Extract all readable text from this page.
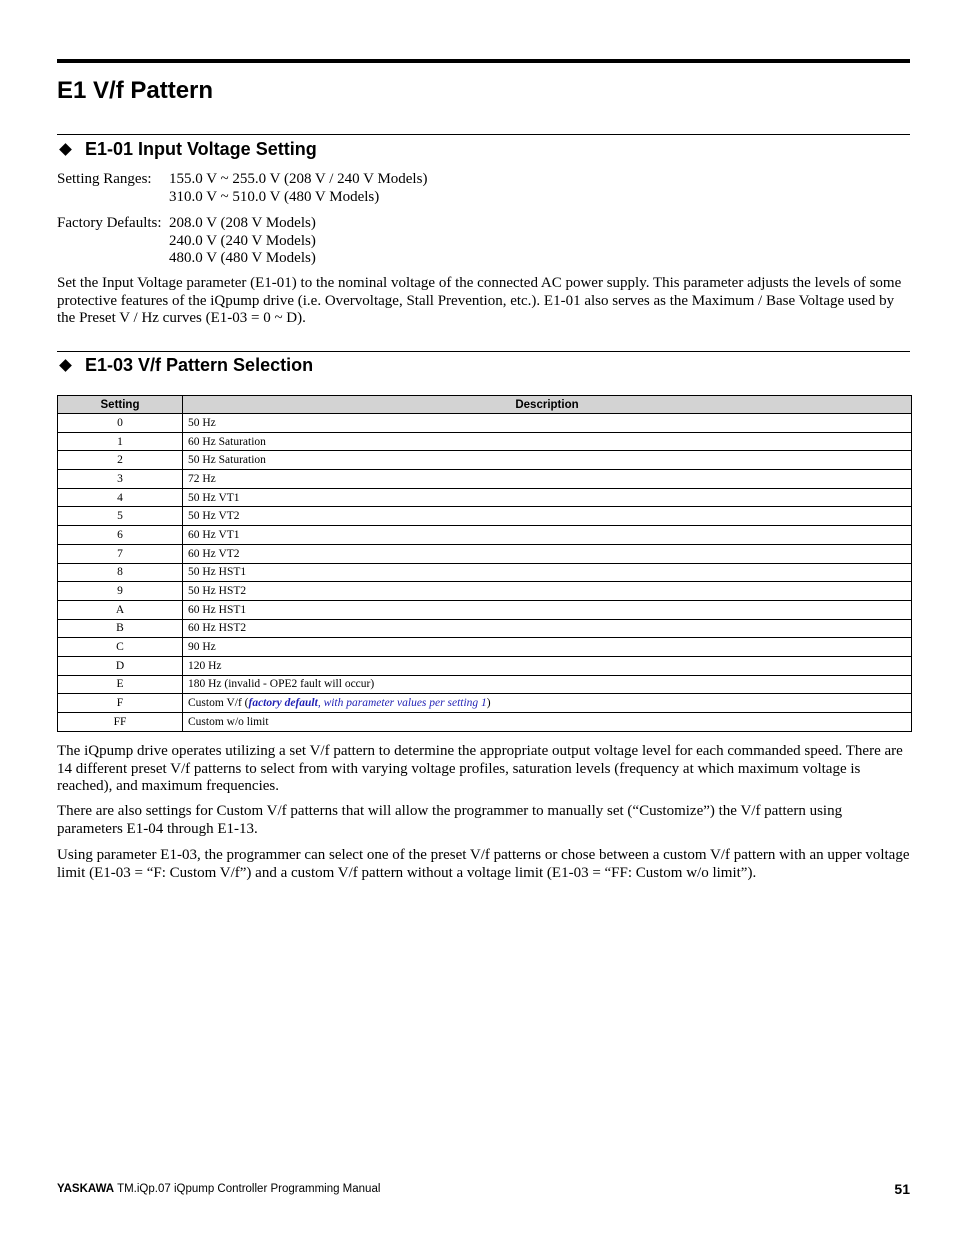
E1 V/f Pattern
E1-01 Input Voltage Setting
Setting Ranges: 155.0 V ~ 255.0 V (208 V / 240 V Models)
310.0 V ~ 510.0 V (480 V Models)
Factory Defaults: 208.0 V (208 V Models)
240.0 V (240 V Models)
480.0 V (480 V Models)

Set the Input Voltage parameter (E1-01) to the nominal voltage of the connected AC power supply. This parameter adjusts the levels of some protective features of the iQpump drive (i.e. Overvoltage, Stall Prevention, etc.). E1-01 also serves as the Maximum / Base Voltage used by the Preset V / Hz curves (E1-03 = 0 ~ D).

E1-03 V/f Pattern Selection
Setting	Description
0	50 Hz
1	60 Hz Saturation
2	50 Hz Saturation
3	72 Hz
4	50 Hz VT1
5	50 Hz VT2
6	60 Hz VT1
7	60 Hz VT2
8	50 Hz HST1
9	50 Hz HST2
A	60 Hz HST1
B	60 Hz HST2
C	90 Hz
D	120 Hz
E	180 Hz (invalid - OPE2 fault will occur)
F	Custom V/f (factory default, with parameter values per setting 1)
FF	Custom w/o limit

The iQpump drive operates utilizing a set V/f pattern to determine the appropriate output voltage level for each commanded speed. There are 14 different preset V/f patterns to select from with varying voltage profiles, saturation levels (frequency at which maximum voltage is reached), and maximum frequencies.

There are also settings for Custom V/f patterns that will allow the programmer to manually set (“Customize”) the V/f pattern using parameters E1-04 through E1-13.

Using parameter E1-03, the programmer can select one of the preset V/f patterns or chose between a custom V/f pattern with an upper voltage limit (E1-03 = “F: Custom V/f”) and a custom V/f pattern without a voltage limit (E1-03 = “FF: Custom w/o limit”).

YASKAWA TM.iQp.07 iQpump Controller Programming Manual	51
